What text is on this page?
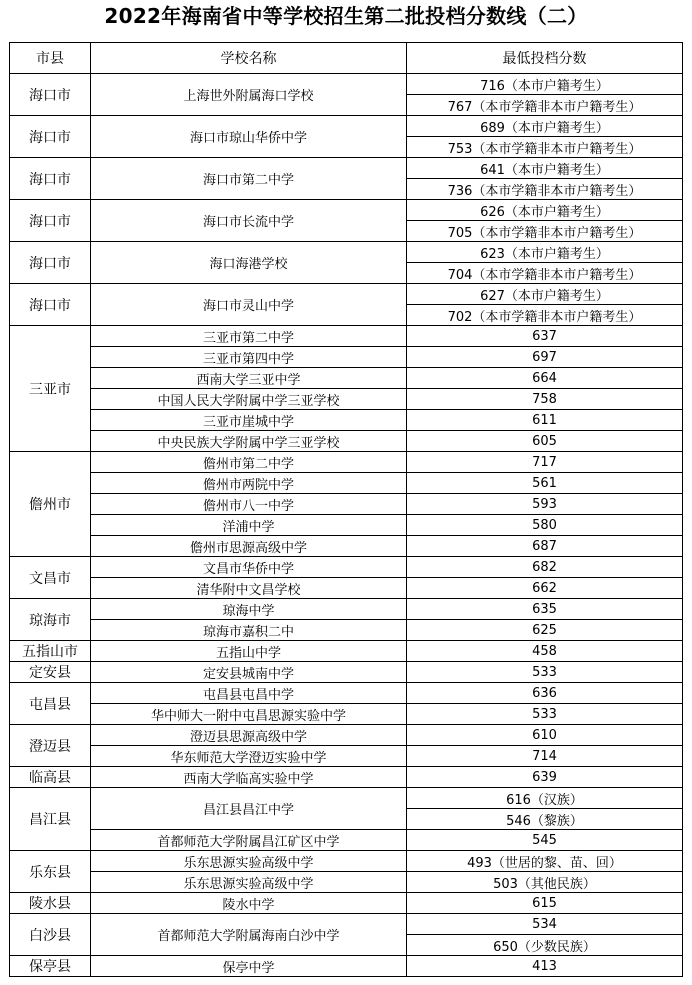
2022年海南省中等学校招生第二批投档分数线（二）
市县	学校名称	最低投档分数
海口市	上海世外附属海口学校	716（本市户籍考生）
		767（本市学籍非本市户籍考生）
海口市	海口市琼山华侨中学	689（本市户籍考生）
		753（本市学籍非本市户籍考生）
海口市	海口市第二中学	641（本市户籍考生）
		736（本市学籍非本市户籍考生）
海口市	海口市长流中学	626（本市户籍考生）
		705（本市学籍非本市户籍考生）
海口市	海口海港学校	623（本市户籍考生）
		704（本市学籍非本市户籍考生）
海口市	海口市灵山中学	627（本市户籍考生）
		702（本市学籍非本市户籍考生）
三亚市	三亚市第二中学	637
	三亚市第四中学	697
	西南大学三亚中学	664
	中国人民大学附属中学三亚学校	758
	三亚市崖城中学	611
	中央民族大学附属中学三亚学校	605
儋州市	儋州市第二中学	717
	儋州市两院中学	561
	儋州市八一中学	593
	洋浦中学	580
	儋州市思源高级中学	687
文昌市	文昌市华侨中学	682
	清华附中文昌学校	662
琼海市	琼海中学	635
	琼海市嘉积二中	625
五指山市	五指山中学	458
定安县	定安县城南中学	533
屯昌县	屯昌县屯昌中学	636
	华中师大一附中屯昌思源实验中学	533
澄迈县	澄迈县思源高级中学	610
	华东师范大学澄迈实验中学	714
临高县	西南大学临高实验中学	639
昌江县	昌江县昌江中学	616（汉族）
		546（黎族）
	首都师范大学附属昌江矿区中学	545
乐东县	乐东思源实验高级中学	493（世居的黎、苗、回）
	乐东思源实验高级中学	503（其他民族）
陵水县	陵水中学	615
白沙县	首都师范大学附属海南白沙中学	534
		650（少数民族）
保亭县	保亭中学	413
